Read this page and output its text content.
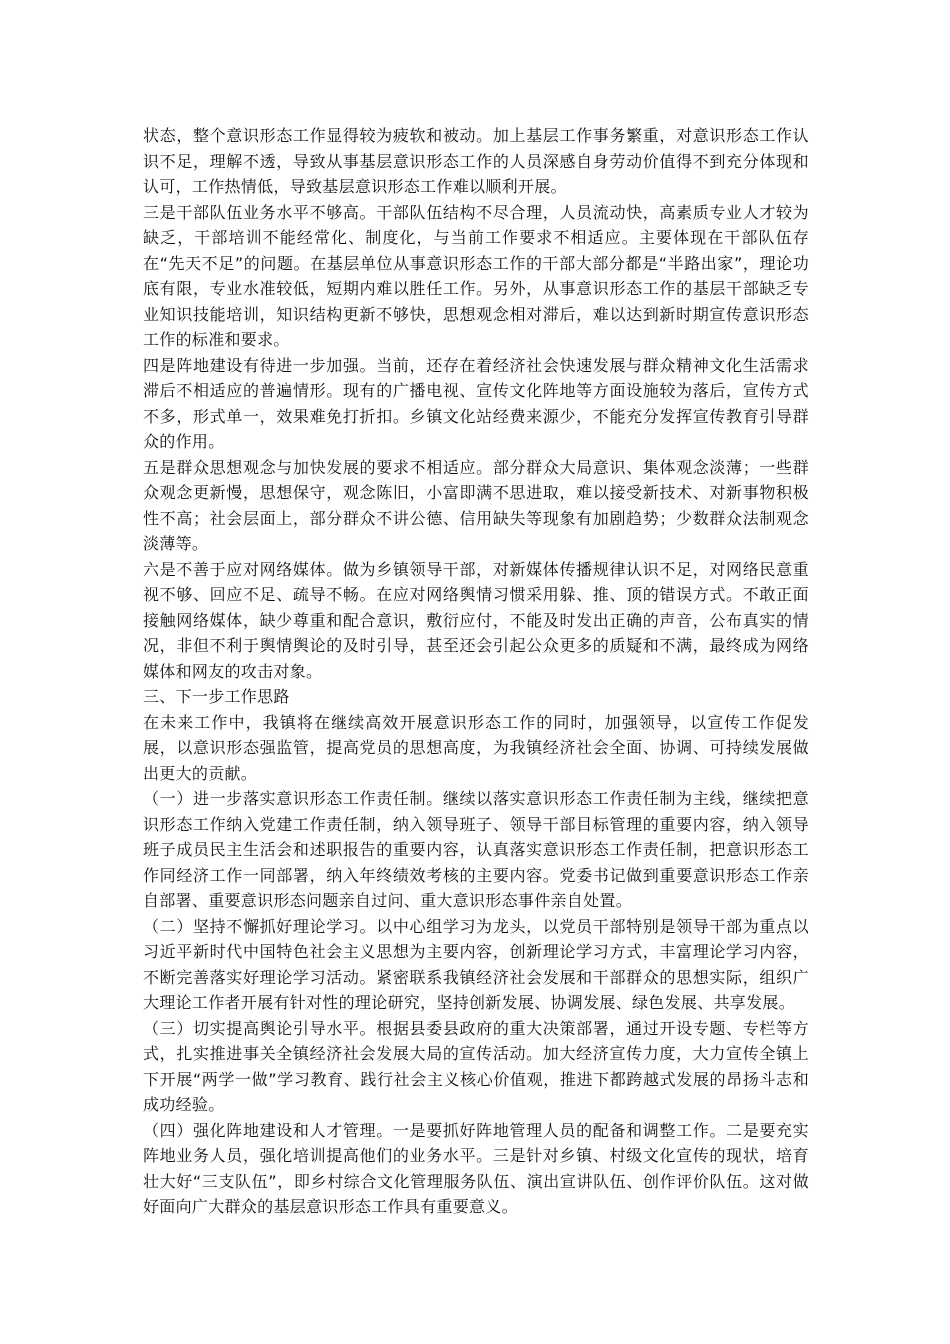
状态，整个意识形态工作显得较为疲软和被动。加上基层工作事务繁重，对意识形态工作认识不足，理解不透，导致从事基层意识形态工作的人员深感自身劳动价值得不到充分体现和认可，工作热情低，导致基层意识形态工作难以顺利开展。

三是干部队伍业务水平不够高。干部队伍结构不尽合理，人员流动快，高素质专业人才较为缺乏，干部培训不能经常化、制度化，与当前工作要求不相适应。主要体现在干部队伍存在“先天不足”的问题。在基层单位从事意识形态工作的干部大部分都是“半路出家”，理论功底有限，专业水准较低，短期内难以胜任工作。另外，从事意识形态工作的基层干部缺乏专业知识技能培训，知识结构更新不够快，思想观念相对滞后，难以达到新时期宣传意识形态工作的标准和要求。

四是阵地建设有待进一步加强。当前，还存在着经济社会快速发展与群众精神文化生活需求滞后不相适应的普遍情形。现有的广播电视、宣传文化阵地等方面设施较为落后，宣传方式不多，形式单一，效果难免打折扣。乡镇文化站经费来源少，不能充分发挥宣传教育引导群众的作用。

五是群众思想观念与加快发展的要求不相适应。部分群众大局意识、集体观念淡薄；一些群众观念更新慢，思想保守，观念陈旧，小富即满不思进取，难以接受新技术、对新事物积极性不高；社会层面上，部分群众不讲公德、信用缺失等现象有加剧趋势；少数群众法制观念淡薄等。

六是不善于应对网络媒体。做为乡镇领导干部，对新媒体传播规律认识不足，对网络民意重视不够、回应不足、疏导不畅。在应对网络舆情习惯采用躲、推、顶的错误方式。不敢正面接触网络媒体，缺少尊重和配合意识，敷衍应付，不能及时发出正确的声音，公布真实的情况，非但不利于舆情舆论的及时引导，甚至还会引起公众更多的质疑和不满，最终成为网络媒体和网友的攻击对象。

三、下一步工作思路

在未来工作中，我镇将在继续高效开展意识形态工作的同时，加强领导，以宣传工作促发展，以意识形态强监管，提高党员的思想高度，为我镇经济社会全面、协调、可持续发展做出更大的贡献。

（一）进一步落实意识形态工作责任制。继续以落实意识形态工作责任制为主线，继续把意识形态工作纳入党建工作责任制，纳入领导班子、领导干部目标管理的重要内容，纳入领导班子成员民主生活会和述职报告的重要内容，认真落实意识形态工作责任制，把意识形态工作同经济工作一同部署，纳入年终绩效考核的主要内容。党委书记做到重要意识形态工作亲自部署、重要意识形态问题亲自过问、重大意识形态事件亲自处置。

（二）坚持不懈抓好理论学习。以中心组学习为龙头，以党员干部特别是领导干部为重点以习近平新时代中国特色社会主义思想为主要内容，创新理论学习方式，丰富理论学习内容，不断完善落实好理论学习活动。紧密联系我镇经济社会发展和干部群众的思想实际，组织广大理论工作者开展有针对性的理论研究，坚持创新发展、协调发展、绿色发展、共享发展。

（三）切实提高舆论引导水平。根据县委县政府的重大决策部署，通过开设专题、专栏等方式，扎实推进事关全镇经济社会发展大局的宣传活动。加大经济宣传力度，大力宣传全镇上下开展“两学一做”学习教育、践行社会主义核心价值观，推进下都跨越式发展的昂扬斗志和成功经验。

（四）强化阵地建设和人才管理。一是要抓好阵地管理人员的配备和调整工作。二是要充实阵地业务人员，强化培训提高他们的业务水平。三是针对乡镇、村级文化宣传的现状，培育壮大好“三支队伍”，即乡村综合文化管理服务队伍、演出宣讲队伍、创作评价队伍。这对做好面向广大群众的基层意识形态工作具有重要意义。
